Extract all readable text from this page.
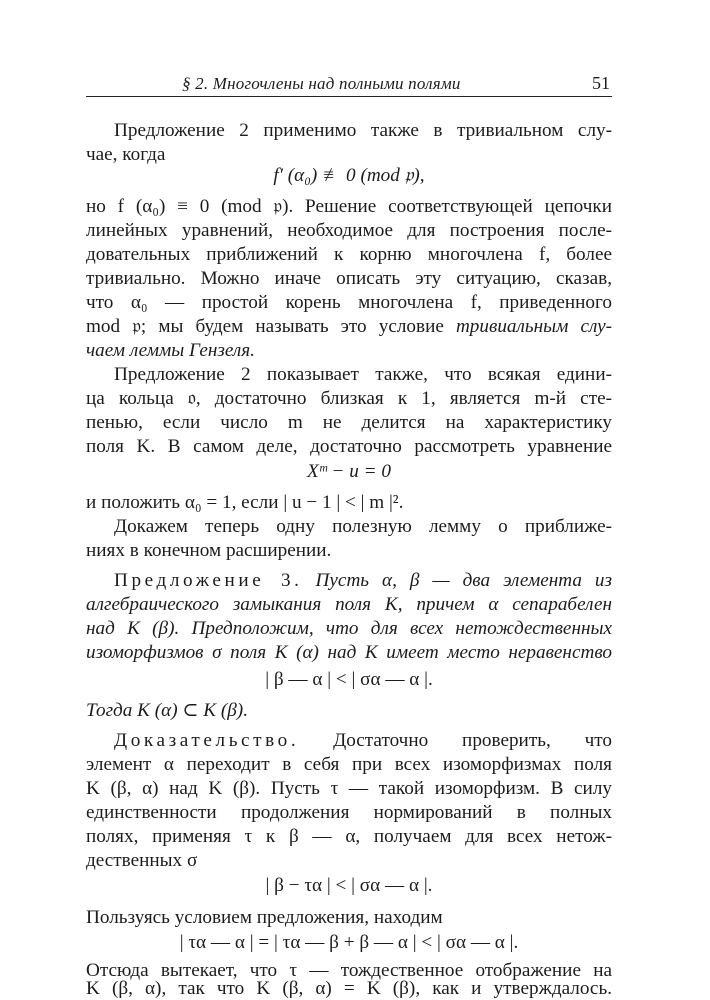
§ 2. Многочлены над полными полями	51
Предложение 2 применимо также в тривиальном слу-
чае, когда
f′ (α₀) ≢ 0 (mod 𝔭),
но f (α₀) ≡ 0 (mod 𝔭). Решение соответствующей цепочки
линейных уравнений, необходимое для построения после-
довательных приближений к корню многочлена f, более
тривиально. Можно иначе описать эту ситуацию, сказав,
что α₀ — простой корень многочлена f, приведенного
mod 𝔭; мы будем называть это условие тривиальным слу-
чаем леммы Гензеля.
Предложение 2 показывает также, что всякая едини-
ца кольца 𝔬, достаточно близкая к 1, является m-й сте-
пенью, если число m не делится на характеристику
поля K. В самом деле, достаточно рассмотреть уравнение
Xᵐ − u = 0
и положить α₀ = 1, если | u − 1 | < | m |².
Докажем теперь одну полезную лемму о приближе-
ниях в конечном расширении.
Предложение 3. Пусть α, β — два элемента из
алгебраического замыкания поля K, причем α сепарабелен
над K (β). Предположим, что для всех нетождественных
изоморфизмов σ поля K (α) над K имеет место неравенство
| β — α | < | σα — α |.
Тогда K (α) ⊂ K (β).
Доказательство. Достаточно проверить, что
элемент α переходит в себя при всех изоморфизмах поля
K (β, α) над K (β). Пусть τ — такой изоморфизм. В силу
единственности продолжения нормирований в полных
полях, применяя τ к β — α, получаем для всех нетож-
дественных σ
| β − τα | < | σα — α |.
Пользуясь условием предложения, находим
| τα — α | = | τα — β + β — α | < | σα — α |.
Отсюда вытекает, что τ — тождественное отображение на
K (β, α), так что K (β, α) = K (β), как и утверждалось.
